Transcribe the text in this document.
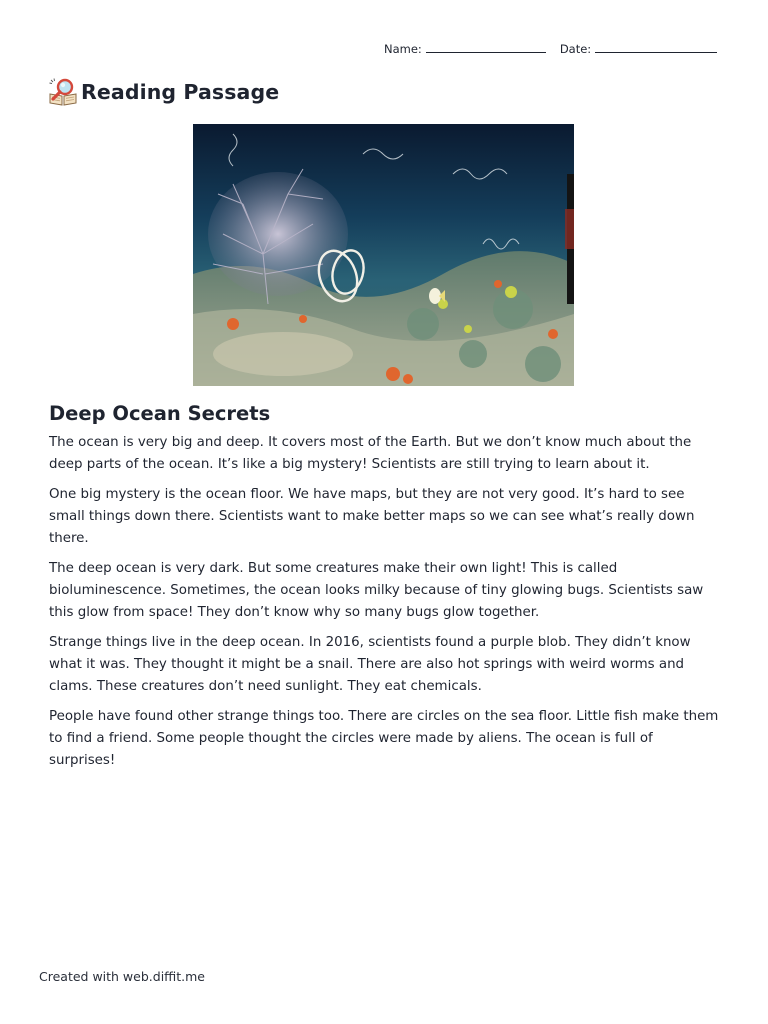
Name:	Date:
Reading Passage
Deep Ocean Secrets

The ocean is very big and deep. It covers most of the Earth. But we don’t know much about the deep parts of the ocean. It’s like a big mystery! Scientists are still trying to learn about it.

One big mystery is the ocean floor. We have maps, but they are not very good. It’s hard to see small things down there. Scientists want to make better maps so we can see what’s really down there.

The deep ocean is very dark. But some creatures make their own light! This is called bioluminescence. Sometimes, the ocean looks milky because of tiny glowing bugs. Scientists saw this glow from space! They don’t know why so many bugs glow together.

Strange things live in the deep ocean. In 2016, scientists found a purple blob. They didn’t know what it was. They thought it might be a snail. There are also hot springs with weird worms and clams. These creatures don’t need sunlight. They eat chemicals.

People have found other strange things too. There are circles on the sea floor. Little fish make them to find a friend. Some people thought the circles were made by aliens. The ocean is full of surprises!

Created with web.diffit.me
